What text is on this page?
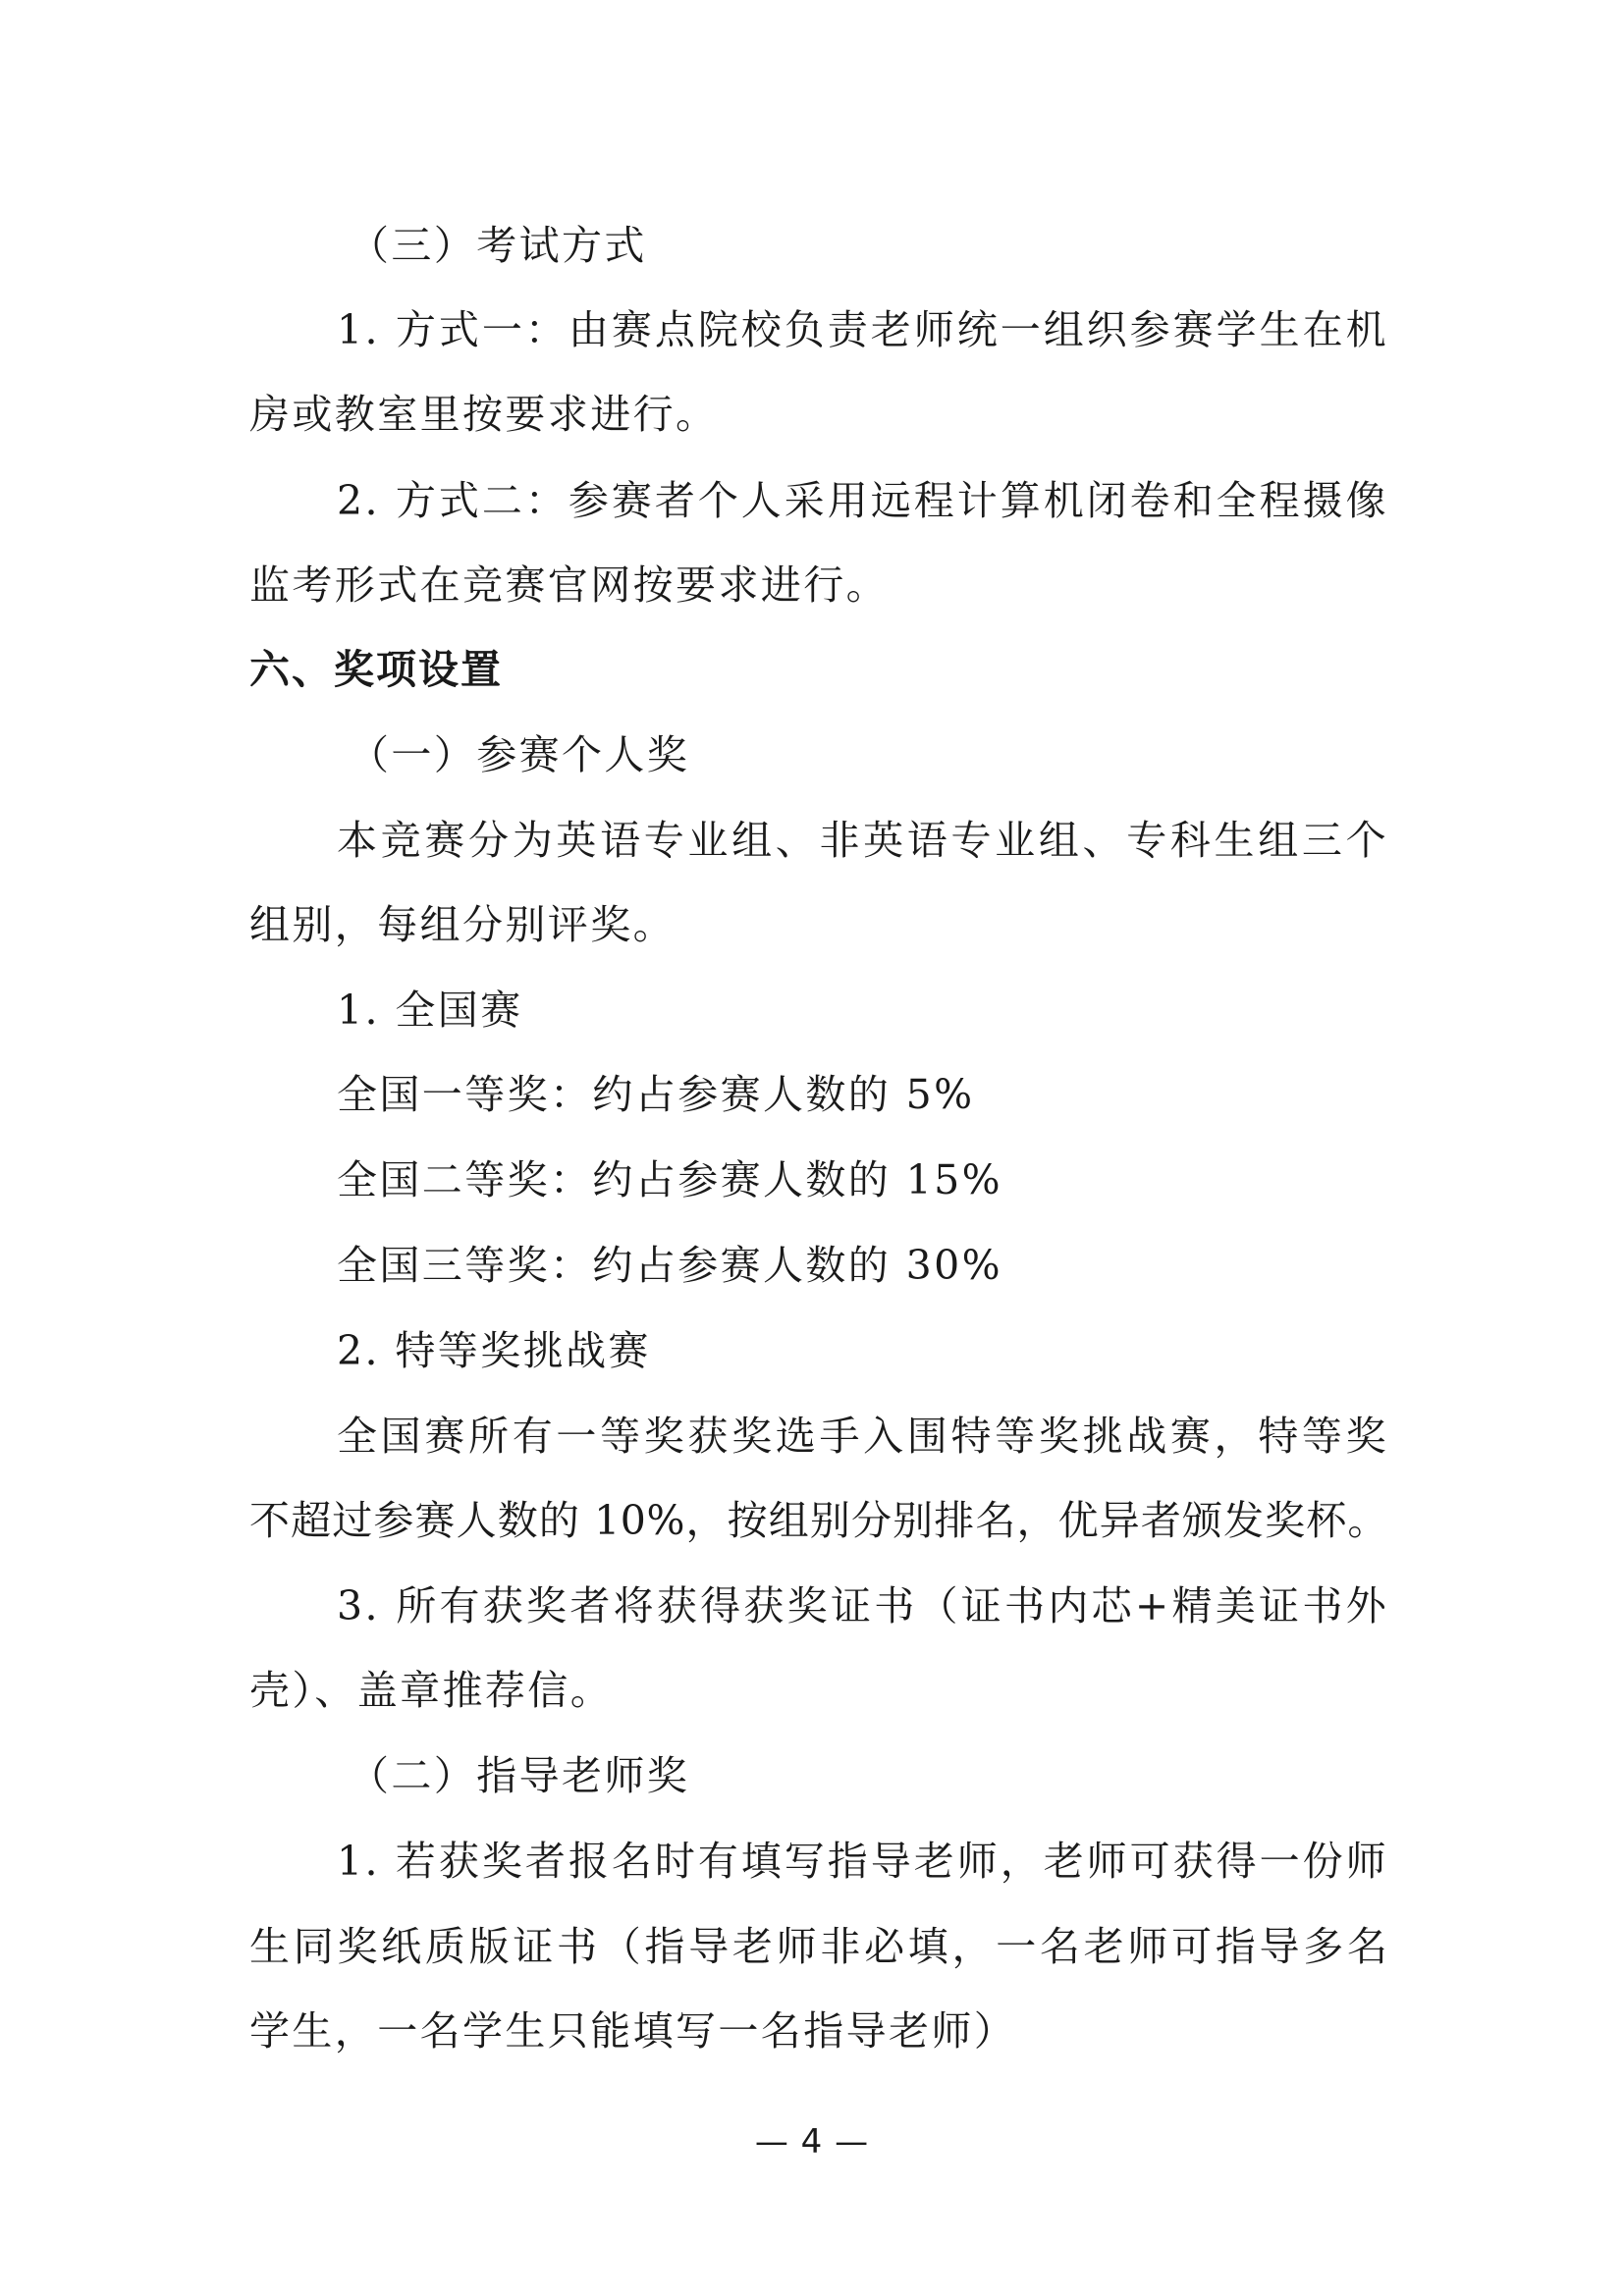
（三）考试方式
1. 方式一：由赛点院校负责老师统一组织参赛学生在机
房或教室里按要求进行。
2. 方式二：参赛者个人采用远程计算机闭卷和全程摄像
监考形式在竞赛官网按要求进行。
六、奖项设置
（一）参赛个人奖
本竞赛分为英语专业组、非英语专业组、专科生组三个
组别，每组分别评奖。
1. 全国赛
全国一等奖：约占参赛人数的 5%
全国二等奖：约占参赛人数的 15%
全国三等奖：约占参赛人数的 30%
2. 特等奖挑战赛
全国赛所有一等奖获奖选手入围特等奖挑战赛，特等奖
不超过参赛人数的 10%，按组别分别排名，优异者颁发奖杯。
3. 所有获奖者将获得获奖证书（证书内芯+精美证书外
壳）、盖章推荐信。
（二）指导老师奖
1. 若获奖者报名时有填写指导老师，老师可获得一份师
生同奖纸质版证书（指导老师非必填，一名老师可指导多名
学生，一名学生只能填写一名指导老师）
— 4 —
